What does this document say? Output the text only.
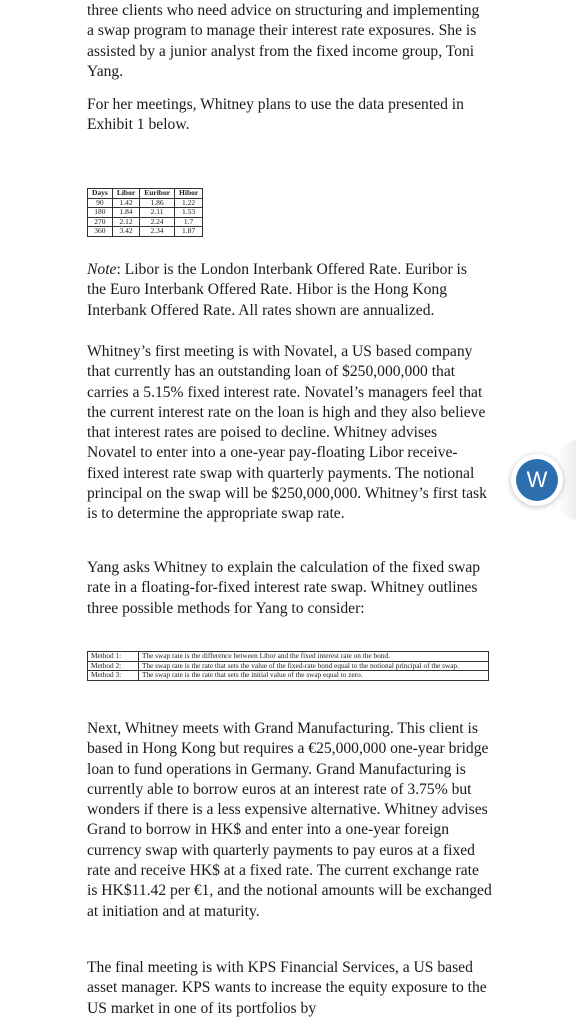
three clients who need advice on structuring and implementing a swap program to manage their interest rate exposures. She is assisted by a junior analyst from the fixed income group, Toni Yang.

For her meetings, Whitney plans to use the data presented in Exhibit 1 below.

Days	Libor	Euribor	Hibor
90	1.42	1.86	1.22
180	1.84	2.11	1.53
270	2.12	2.24	1.7
360	3.42	2.34	1.87

Note: Libor is the London Interbank Offered Rate. Euribor is the Euro Interbank Offered Rate. Hibor is the Hong Kong Interbank Offered Rate. All rates shown are annualized.

Whitney’s first meeting is with Novatel, a US based company that currently has an outstanding loan of $250,000,000 that carries a 5.15% fixed interest rate. Novatel’s managers feel that the current interest rate on the loan is high and they also believe that interest rates are poised to decline. Whitney advises Novatel to enter into a one-year pay-floating Libor receive-fixed interest rate swap with quarterly payments. The notional principal on the swap will be $250,000,000. Whitney’s first task is to determine the appropriate swap rate.

Yang asks Whitney to explain the calculation of the fixed swap rate in a floating-for-fixed interest rate swap. Whitney outlines three possible methods for Yang to consider:

Method 1:	The swap rate is the difference between Libor and the fixed interest rate on the bond.
Method 2:	The swap rate is the rate that sets the value of the fixed-rate bond equal to the notional principal of the swap.
Method 3:	The swap rate is the rate that sets the initial value of the swap equal to zero.

Next, Whitney meets with Grand Manufacturing. This client is based in Hong Kong but requires a €25,000,000 one-year bridge loan to fund operations in Germany. Grand Manufacturing is currently able to borrow euros at an interest rate of 3.75% but wonders if there is a less expensive alternative. Whitney advises Grand to borrow in HK$ and enter into a one-year foreign currency swap with quarterly payments to pay euros at a fixed rate and receive HK$ at a fixed rate. The current exchange rate is HK$11.42 per €1, and the notional amounts will be exchanged at initiation and at maturity.

The final meeting is with KPS Financial Services, a US based asset manager. KPS wants to increase the equity exposure to the US market in one of its portfolios by

W
